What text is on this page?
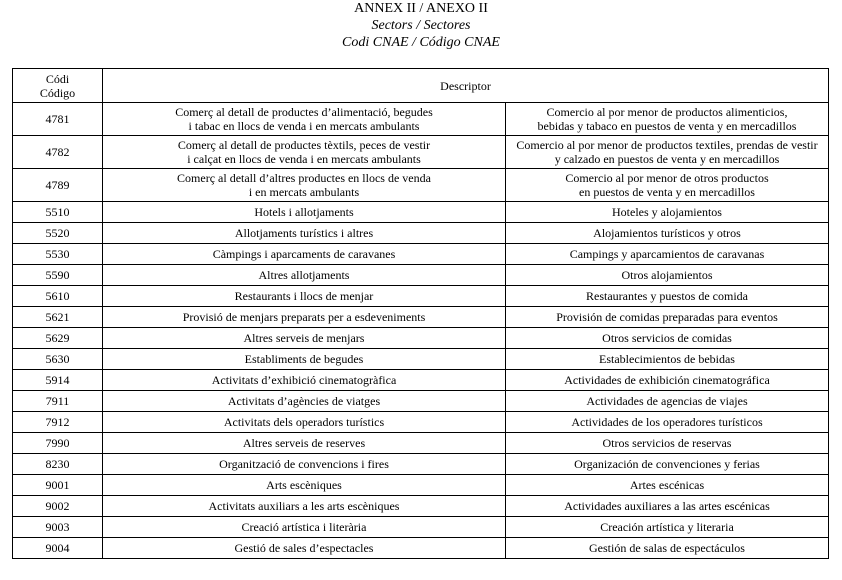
ANNEX II / ANEXO II
Sectors / Sectores
Codi CNAE / Código CNAE
Códi
Código	Descriptor	
4781	Comerç al detall de productes d’alimentació, begudes
i tabac en llocs de venda i en mercats ambulants	Comercio al por menor de productos alimenticios,
bebidas y tabaco en puestos de venta y en mercadillos

4782	Comerç al detall de productes tèxtils, peces de vestir
i calçat en llocs de venda i en mercats ambulants	Comercio al por menor de productos textiles, prendas de vestir
y calzado en puestos de venta y en mercadillos

4789	Comerç al detall d’altres productes en llocs de venda
i en mercats ambulants	Comercio al por menor de otros productos
en puestos de venta y en mercadillos

5510	Hotels i allotjaments	Hoteles y alojamientos

5520	Allotjaments turístics i altres	Alojamientos turísticos y otros

5530	Càmpings i aparcaments de caravanes	Campings y aparcamientos de caravanas

5590	Altres allotjaments	Otros alojamientos

5610	Restaurants i llocs de menjar	Restaurantes y puestos de comida

5621	Provisió de menjars preparats per a esdeveniments	Provisión de comidas preparadas para eventos

5629	Altres serveis de menjars	Otros servicios de comidas

5630	Establiments de begudes	Establecimientos de bebidas

5914	Activitats d’exhibició cinematogràfica	Actividades de exhibición cinematográfica

7911	Activitats d’agències de viatges	Actividades de agencias de viajes

7912	Activitats dels operadors turístics	Actividades de los operadores turísticos

7990	Altres serveis de reserves	Otros servicios de reservas

8230	Organització de convencions i fires	Organización de convenciones y ferias

9001	Arts escèniques	Artes escénicas

9002	Activitats auxiliars a les arts escèniques	Actividades auxiliares a las artes escénicas

9003	Creació artística i literària	Creación artística y literaria

9004	Gestió de sales d’espectacles	Gestión de salas de espectáculos
